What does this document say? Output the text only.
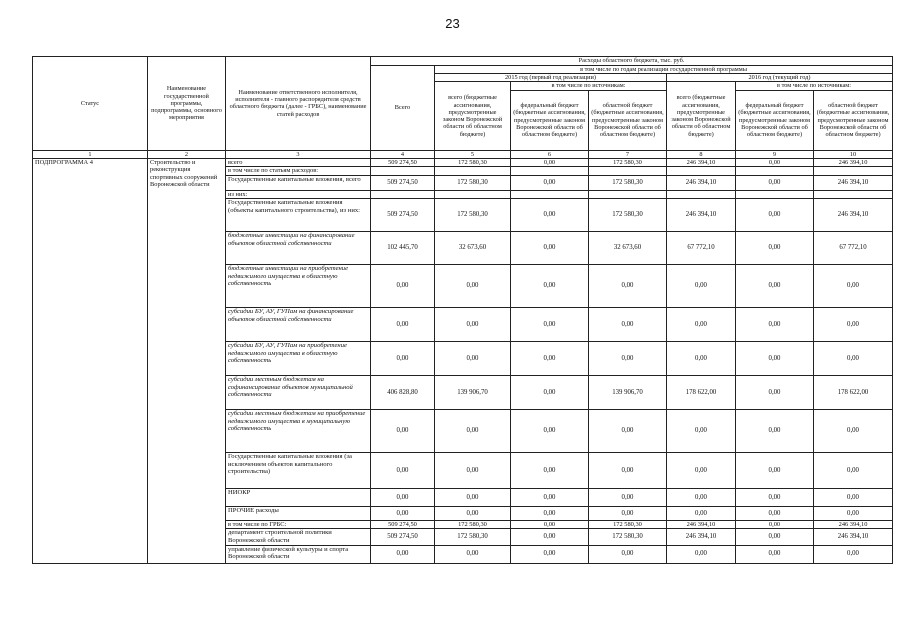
23
Статус	Наименование государственной программы, подпрограммы, основного мероприятия	Наименование ответственного исполнителя, исполнителя - главного распорядителя средств областного бюджета (далее - ГРБС), наименование статей расходов	Расходы областного бюджета, тыс. руб.						
			Всего	в том числе по годам реализации государственной программы					
				2015 год (первый год реализации)			2016 год (текущий год)		
				всего (бюджетные ассигнования, предусмотренные законом Воронежской области об областном бюджете)	в том числе по источникам:		всего (бюджетные ассигнования, предусмотренные законом Воронежской области об областном бюджете)	в том числе по источникам:	
					федеральный бюджет (бюджетные ассигнования, предусмотренные законом Воронежской области об областном бюджете)	областной бюджет (бюджетные ассигнования, предусмотренные законом Воронежской области об областном бюджете)		федеральный бюджет (бюджетные ассигнования, предусмотренные законом Воронежской области об областном бюджете)	областной бюджет (бюджетные ассигнования, предусмотренные законом Воронежской области об областном бюджете)
1	2	3	4	5	6	7	8	9	10
ПОДПРОГРАММА 4	Строительство и реконструкция спортивных сооружений Воронежской области	всего	509 274,50	172 580,30	0,00	172 580,30	246 394,10	0,00	246 394,10
		в том числе по статьям расходов:							
		Государственные капитальные вложения, всего	509 274,50	172 580,30	0,00	172 580,30	246 394,10	0,00	246 394,10
		из них:							
		Государственные капитальные вложения (объекты капитального строительства), из них:	509 274,50	172 580,30	0,00	172 580,30	246 394,10	0,00	246 394,10
		бюджетные инвестиции на финансирование объектов областной собственности	102 445,70	32 673,60	0,00	32 673,60	67 772,10	0,00	67 772,10
		бюджетные инвестиции на приобретение недвижимого имущества в областную собственность	0,00	0,00	0,00	0,00	0,00	0,00	0,00
		субсидии БУ, АУ, ГУПам на финансирование объектов областной собственности	0,00	0,00	0,00	0,00	0,00	0,00	0,00
		субсидии БУ, АУ, ГУПам на приобретение недвижимого имущества в областную собственность	0,00	0,00	0,00	0,00	0,00	0,00	0,00
		субсидии местным бюджетам на софинансирование объектов муниципальной собственности	406 828,80	139 906,70	0,00	139 906,70	178 622,00	0,00	178 622,00
		субсидии местным бюджетам на приобретение недвижимого имущества в муниципальную собственность	0,00	0,00	0,00	0,00	0,00	0,00	0,00
		Государственные капитальные вложения (за исключением объектов капитального строительства)	0,00	0,00	0,00	0,00	0,00	0,00	0,00
		НИОКР	0,00	0,00	0,00	0,00	0,00	0,00	0,00
		ПРОЧИЕ расходы	0,00	0,00	0,00	0,00	0,00	0,00	0,00
		в том числе по ГРБС:	509 274,50	172 580,30	0,00	172 580,30	246 394,10	0,00	246 394,10
		департамент строительной политики Воронежской области	509 274,50	172 580,30	0,00	172 580,30	246 394,10	0,00	246 394,10
		управление физической культуры и спорта Воронежской области	0,00	0,00	0,00	0,00	0,00	0,00	0,00
